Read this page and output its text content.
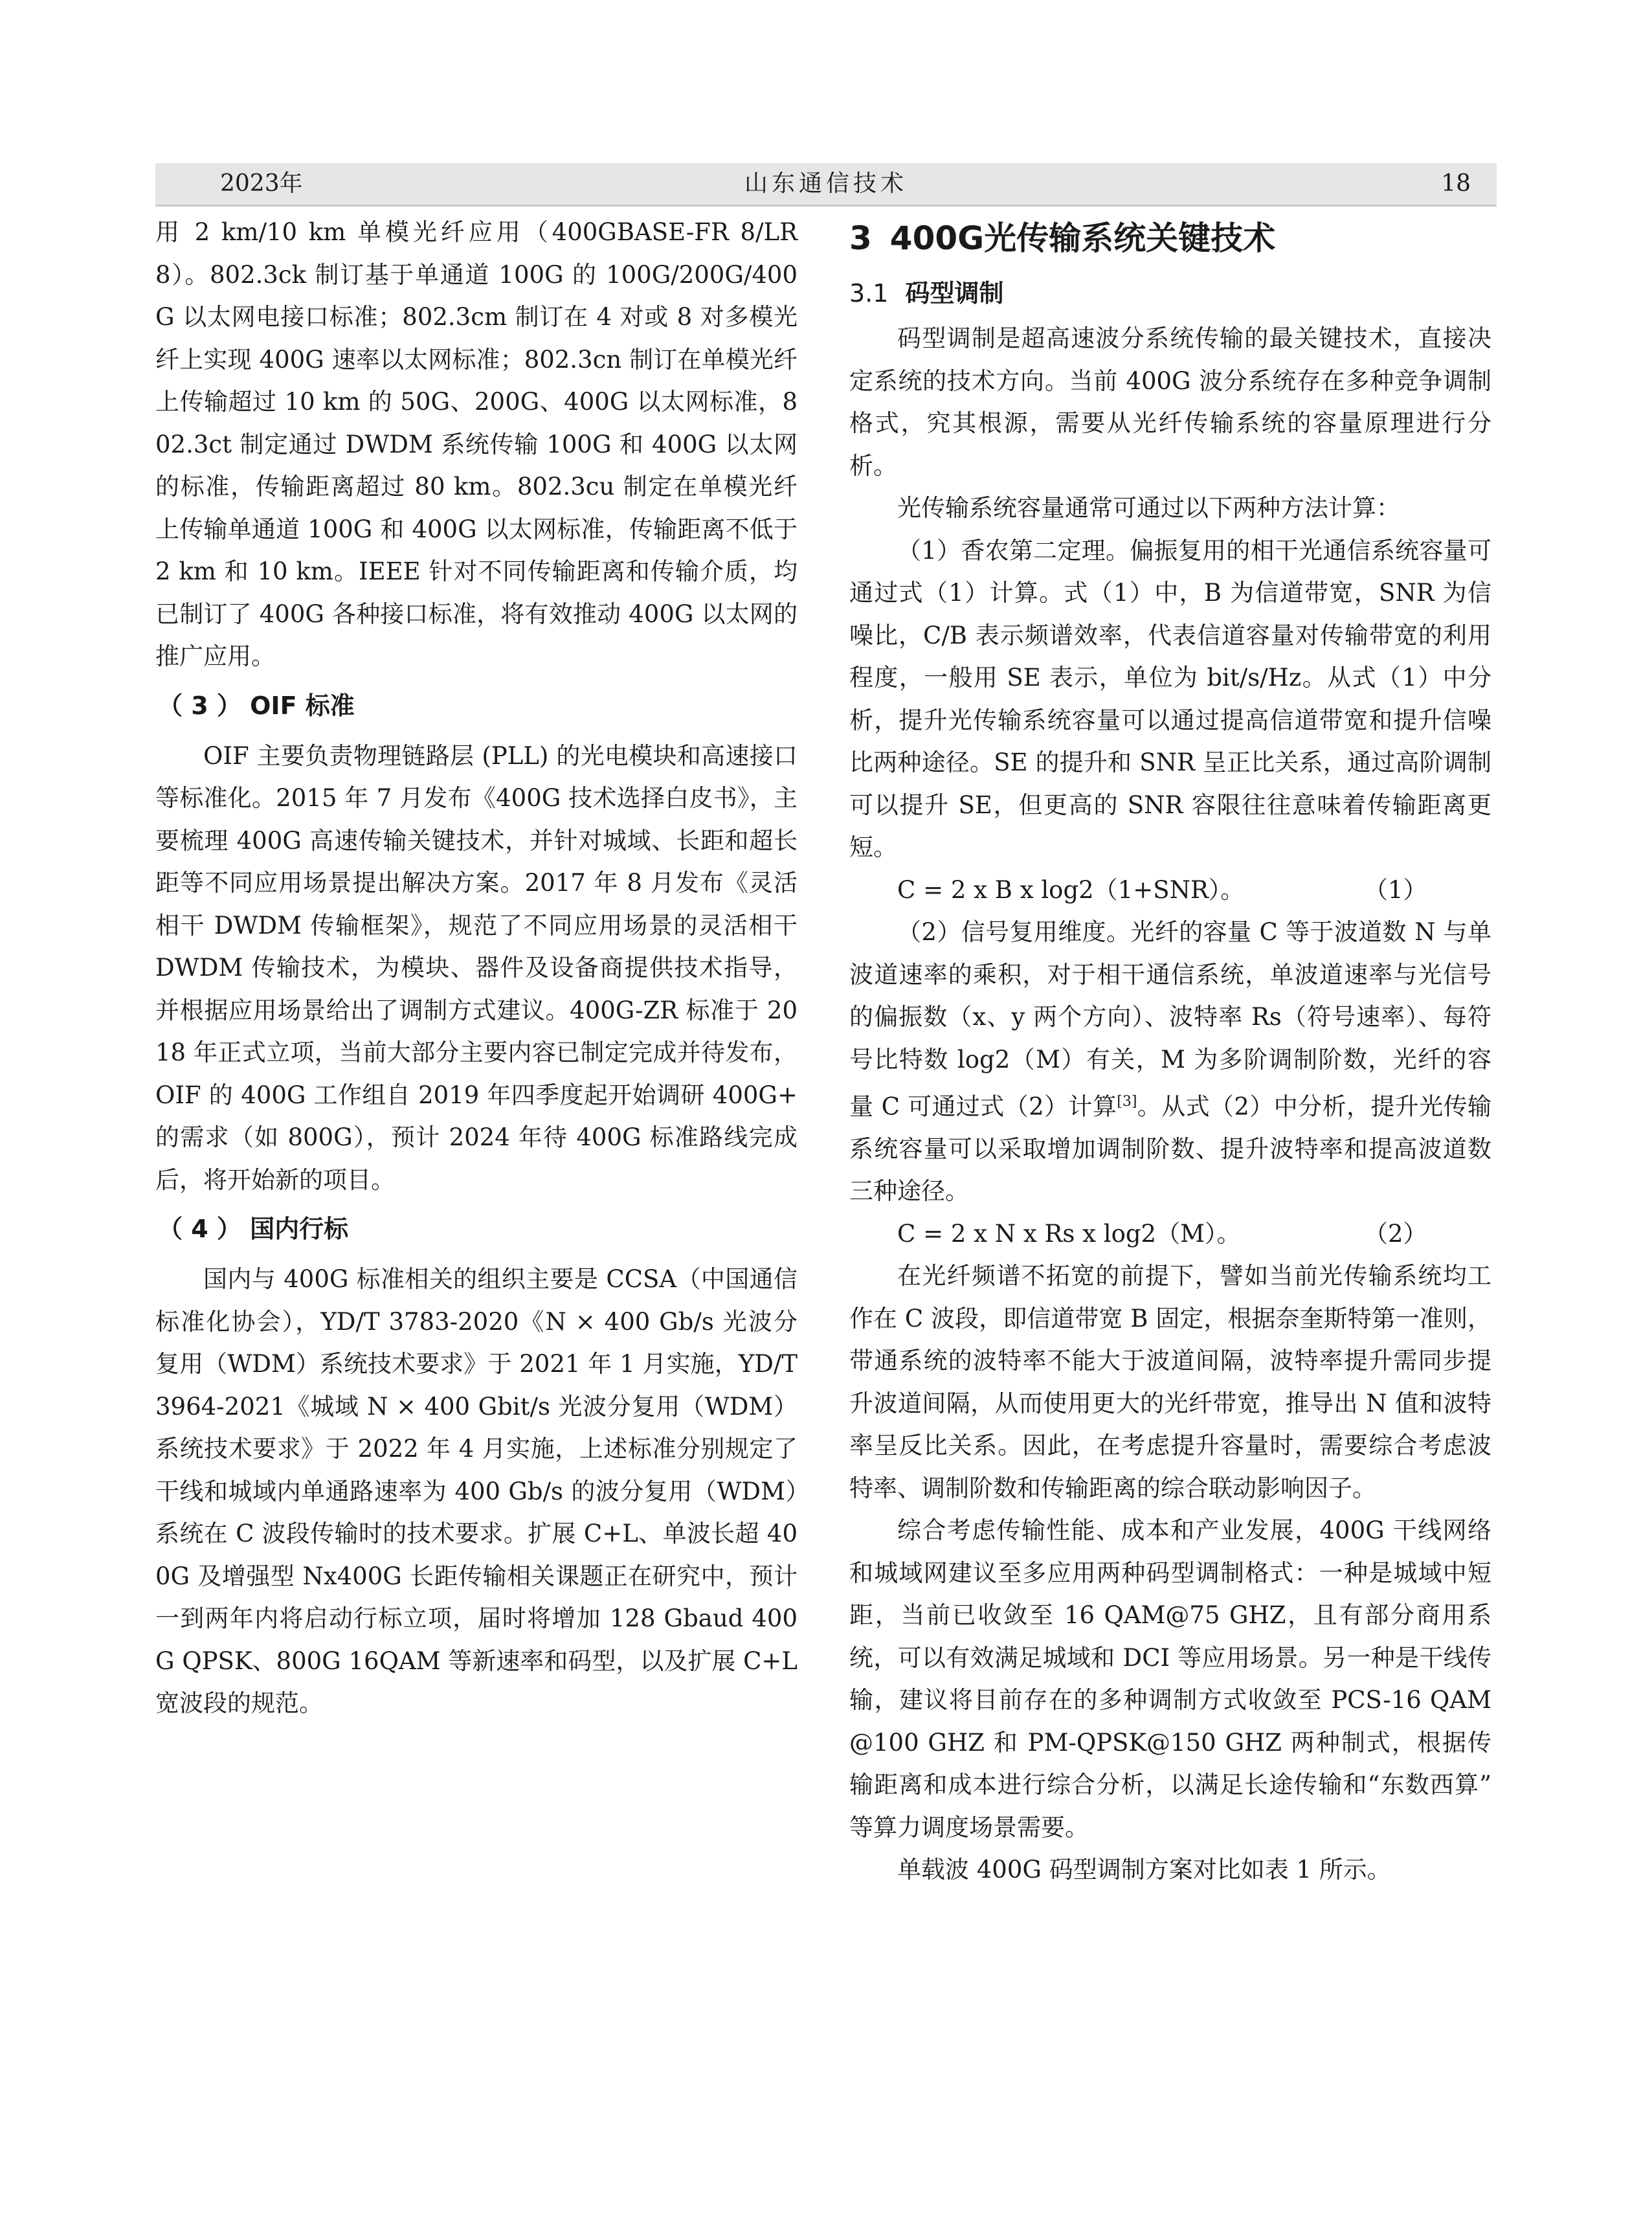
2023年	山东通信技术	18

用 2 km/10 km 单模光纤应用（400GBASE-FR 8/LR 8）。802.3ck 制订基于单通道 100G 的 100G/200G/400G 以太网电接口标准；802.3cm 制订在 4 对或 8 对多模光纤上实现 400G 速率以太网标准；802.3cn 制订在单模光纤上传输超过 10 km 的 50G、200G、400G 以太网标准，802.3ct 制定通过 DWDM 系统传输 100G 和 400G 以太网的标准，传输距离超过 80 km。802.3cu 制定在单模光纤上传输单通道 100G 和 400G 以太网标准，传输距离不低于 2 km 和 10 km。IEEE 针对不同传输距离和传输介质，均已制订了 400G 各种接口标准，将有效推动 400G 以太网的推广应用。

（ 3 ） OIF 标准

OIF 主要负责物理链路层 (PLL) 的光电模块和高速接口等标准化。2015 年 7 月发布《400G 技术选择白皮书》，主要梳理 400G 高速传输关键技术，并针对城域、长距和超长距等不同应用场景提出解决方案。2017 年 8 月发布《灵活相干 DWDM 传输框架》，规范了不同应用场景的灵活相干 DWDM 传输技术，为模块、器件及设备商提供技术指导，并根据应用场景给出了调制方式建议。400G-ZR 标准于 2018 年正式立项，当前大部分主要内容已制定完成并待发布，OIF 的 400G 工作组自 2019 年四季度起开始调研 400G+ 的需求（如 800G），预计 2024 年待 400G 标准路线完成后，将开始新的项目。

（ 4 ） 国内行标

国内与 400G 标准相关的组织主要是 CCSA（中国通信标准化协会），YD/T 3783-2020《N × 400 Gb/s 光波分复用（WDM）系统技术要求》于 2021 年 1 月实施，YD/T 3964-2021《城域 N × 400 Gbit/s 光波分复用（WDM）系统技术要求》于 2022 年 4 月实施，上述标准分别规定了干线和城域内单通路速率为 400 Gb/s 的波分复用（WDM）系统在 C 波段传输时的技术要求。扩展 C+L、单波长超 400G 及增强型 Nx400G 长距传输相关课题正在研究中，预计一到两年内将启动行标立项，届时将增加 128 Gbaud 400G QPSK、800G 16QAM 等新速率和码型，以及扩展 C+L 宽波段的规范。

3 400G光传输系统关键技术
3.1 码型调制

码型调制是超高速波分系统传输的最关键技术，直接决定系统的技术方向。当前 400G 波分系统存在多种竞争调制格式，究其根源，需要从光纤传输系统的容量原理进行分析。

光传输系统容量通常可通过以下两种方法计算：

（1）香农第二定理。偏振复用的相干光通信系统容量可通过式（1）计算。式（1）中，B 为信道带宽，SNR 为信噪比，C/B 表示频谱效率，代表信道容量对传输带宽的利用程度，一般用 SE 表示，单位为 bit/s/Hz。从式（1）中分析，提升光传输系统容量可以通过提高信道带宽和提升信噪比两种途径。SE 的提升和 SNR 呈正比关系，通过高阶调制可以提升 SE，但更高的 SNR 容限往往意味着传输距离更短。

C = 2 x B x log2（1+SNR）。	（1）

（2）信号复用维度。光纤的容量 C 等于波道数 N 与单波道速率的乘积，对于相干通信系统，单波道速率与光信号的偏振数（x、y 两个方向）、波特率 Rs（符号速率）、每符号比特数 log2（M）有关，M 为多阶调制阶数，光纤的容量 C 可通过式（2）计算[3]。从式（2）中分析，提升光传输系统容量可以采取增加调制阶数、提升波特率和提高波道数三种途径。

C = 2 x N x Rs x log2（M）。	（2）

在光纤频谱不拓宽的前提下，譬如当前光传输系统均工作在 C 波段，即信道带宽 B 固定，根据奈奎斯特第一准则，带通系统的波特率不能大于波道间隔，波特率提升需同步提升波道间隔，从而使用更大的光纤带宽，推导出 N 值和波特率呈反比关系。因此，在考虑提升容量时，需要综合考虑波特率、调制阶数和传输距离的综合联动影响因子。

综合考虑传输性能、成本和产业发展，400G 干线网络和城域网建议至多应用两种码型调制格式：一种是城域中短距，当前已收敛至 16 QAM@75 GHZ，且有部分商用系统，可以有效满足城域和 DCI 等应用场景。另一种是干线传输，建议将目前存在的多种调制方式收敛至 PCS-16 QAM@100 GHZ 和 PM-QPSK@150 GHZ 两种制式，根据传输距离和成本进行综合分析，以满足长途传输和“东数西算” 等算力调度场景需要。

单载波 400G 码型调制方案对比如表 1 所示。
